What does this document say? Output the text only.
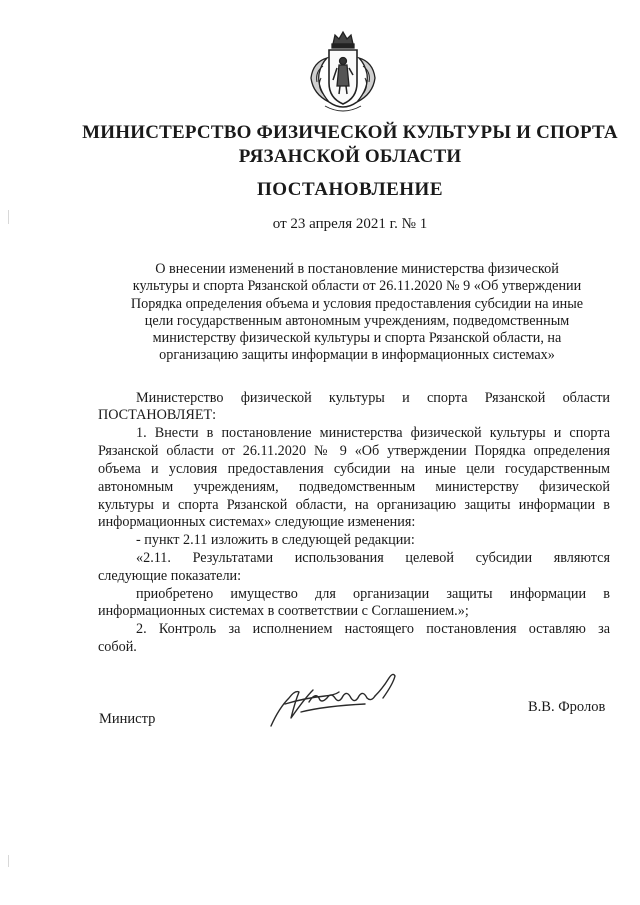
МИНИСТЕРСТВО ФИЗИЧЕСКОЙ КУЛЬТУРЫ И СПОРТА
РЯЗАНСКОЙ ОБЛАСТИ
ПОСТАНОВЛЕНИЕ
от 23 апреля 2021 г. № 1
О внесении изменений в постановление министерства физической
культуры и спорта Рязанской области от 26.11.2020 № 9 «Об утверждении
Порядка определения объема и условия предоставления субсидии на иные
цели государственным автономным учреждениям, подведомственным
министерству физической культуры и спорта Рязанской области, на
организацию защиты информации в информационных системах»
Министерство физической культуры и спорта Рязанской области
ПОСТАНОВЛЯЕТ:
1. Внести в постановление министерства физической культуры и спорта
Рязанской области от 26.11.2020 № 9 «Об утверждении Порядка определения
объема и условия предоставления субсидии на иные цели государственным
автономным учреждениям, подведомственным министерству физической
культуры и спорта Рязанской области, на организацию защиты информации в
информационных системах» следующие изменения:
- пункт 2.11 изложить в следующей редакции:
«2.11. Результатами использования целевой субсидии являются
следующие показатели:
приобретено имущество для организации защиты информации в
информационных системах в соответствии с Соглашением.»;
2. Контроль за исполнением настоящего постановления оставляю за
собой.
Министр
В.В. Фролов
